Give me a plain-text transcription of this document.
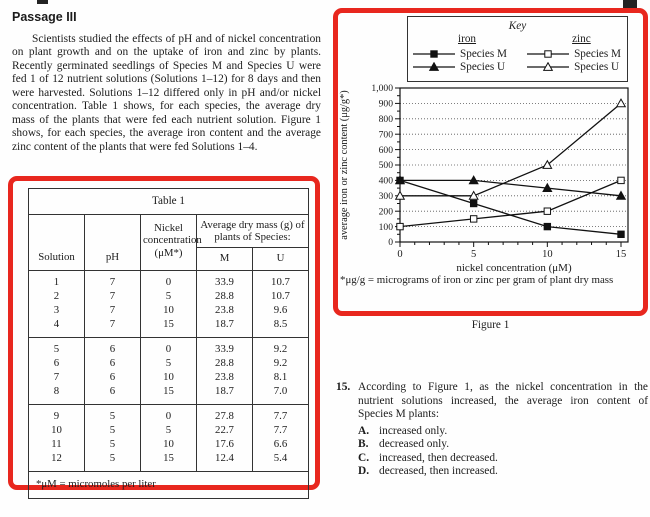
Passage III
Scientists studied the effects of pH and of nickel concentration on plant growth and on the uptake of iron and zinc by plants. Recently germinated seedlings of Species M and Species U were fed 1 of 12 nutrient solutions (Solutions 1–12) for 8 days and then were harvested. Solutions 1–12 differed only in pH and/or nickel concentration. Table 1 shows, for each species, the average dry mass of the plants that were fed each nutrient solution. Figure 1 shows, for each species, the average iron content and the average zinc content of the plants that were fed Solutions 1–4.
Table 1				
Solution	pH	Nickel concentration (μM*)	Average dry mass (g) of plants of Species:	
			M	U
1	7	0	33.9	10.7
2	7	5	28.8	10.7
3	7	10	23.8	9.6
4	7	15	18.7	8.5
5	6	0	33.9	9.2
6	6	5	28.8	9.2
7	6	10	23.8	8.1
8	6	15	18.7	7.0
9	5	0	27.8	7.7
10	5	5	22.7	7.7
11	5	10	17.6	6.6
12	5	15	12.4	5.4
*μM = micromoles per liter				
Key
iron
Species M
Species U
zinc
Species M
Species U
0
100
200
300
400
500
600
700
800
900
1,000
0	5	10	15
nickel concentration (μM)
average iron or zinc content (μg/g*)
*μg/g = micrograms of iron or zinc per gram of plant dry mass
Figure 1
15. According to Figure 1, as the nickel concentration in the nutrient solutions increased, the average iron content of Species M plants:
A. increased only.
B. decreased only.
C. increased, then decreased.
D. decreased, then increased.
